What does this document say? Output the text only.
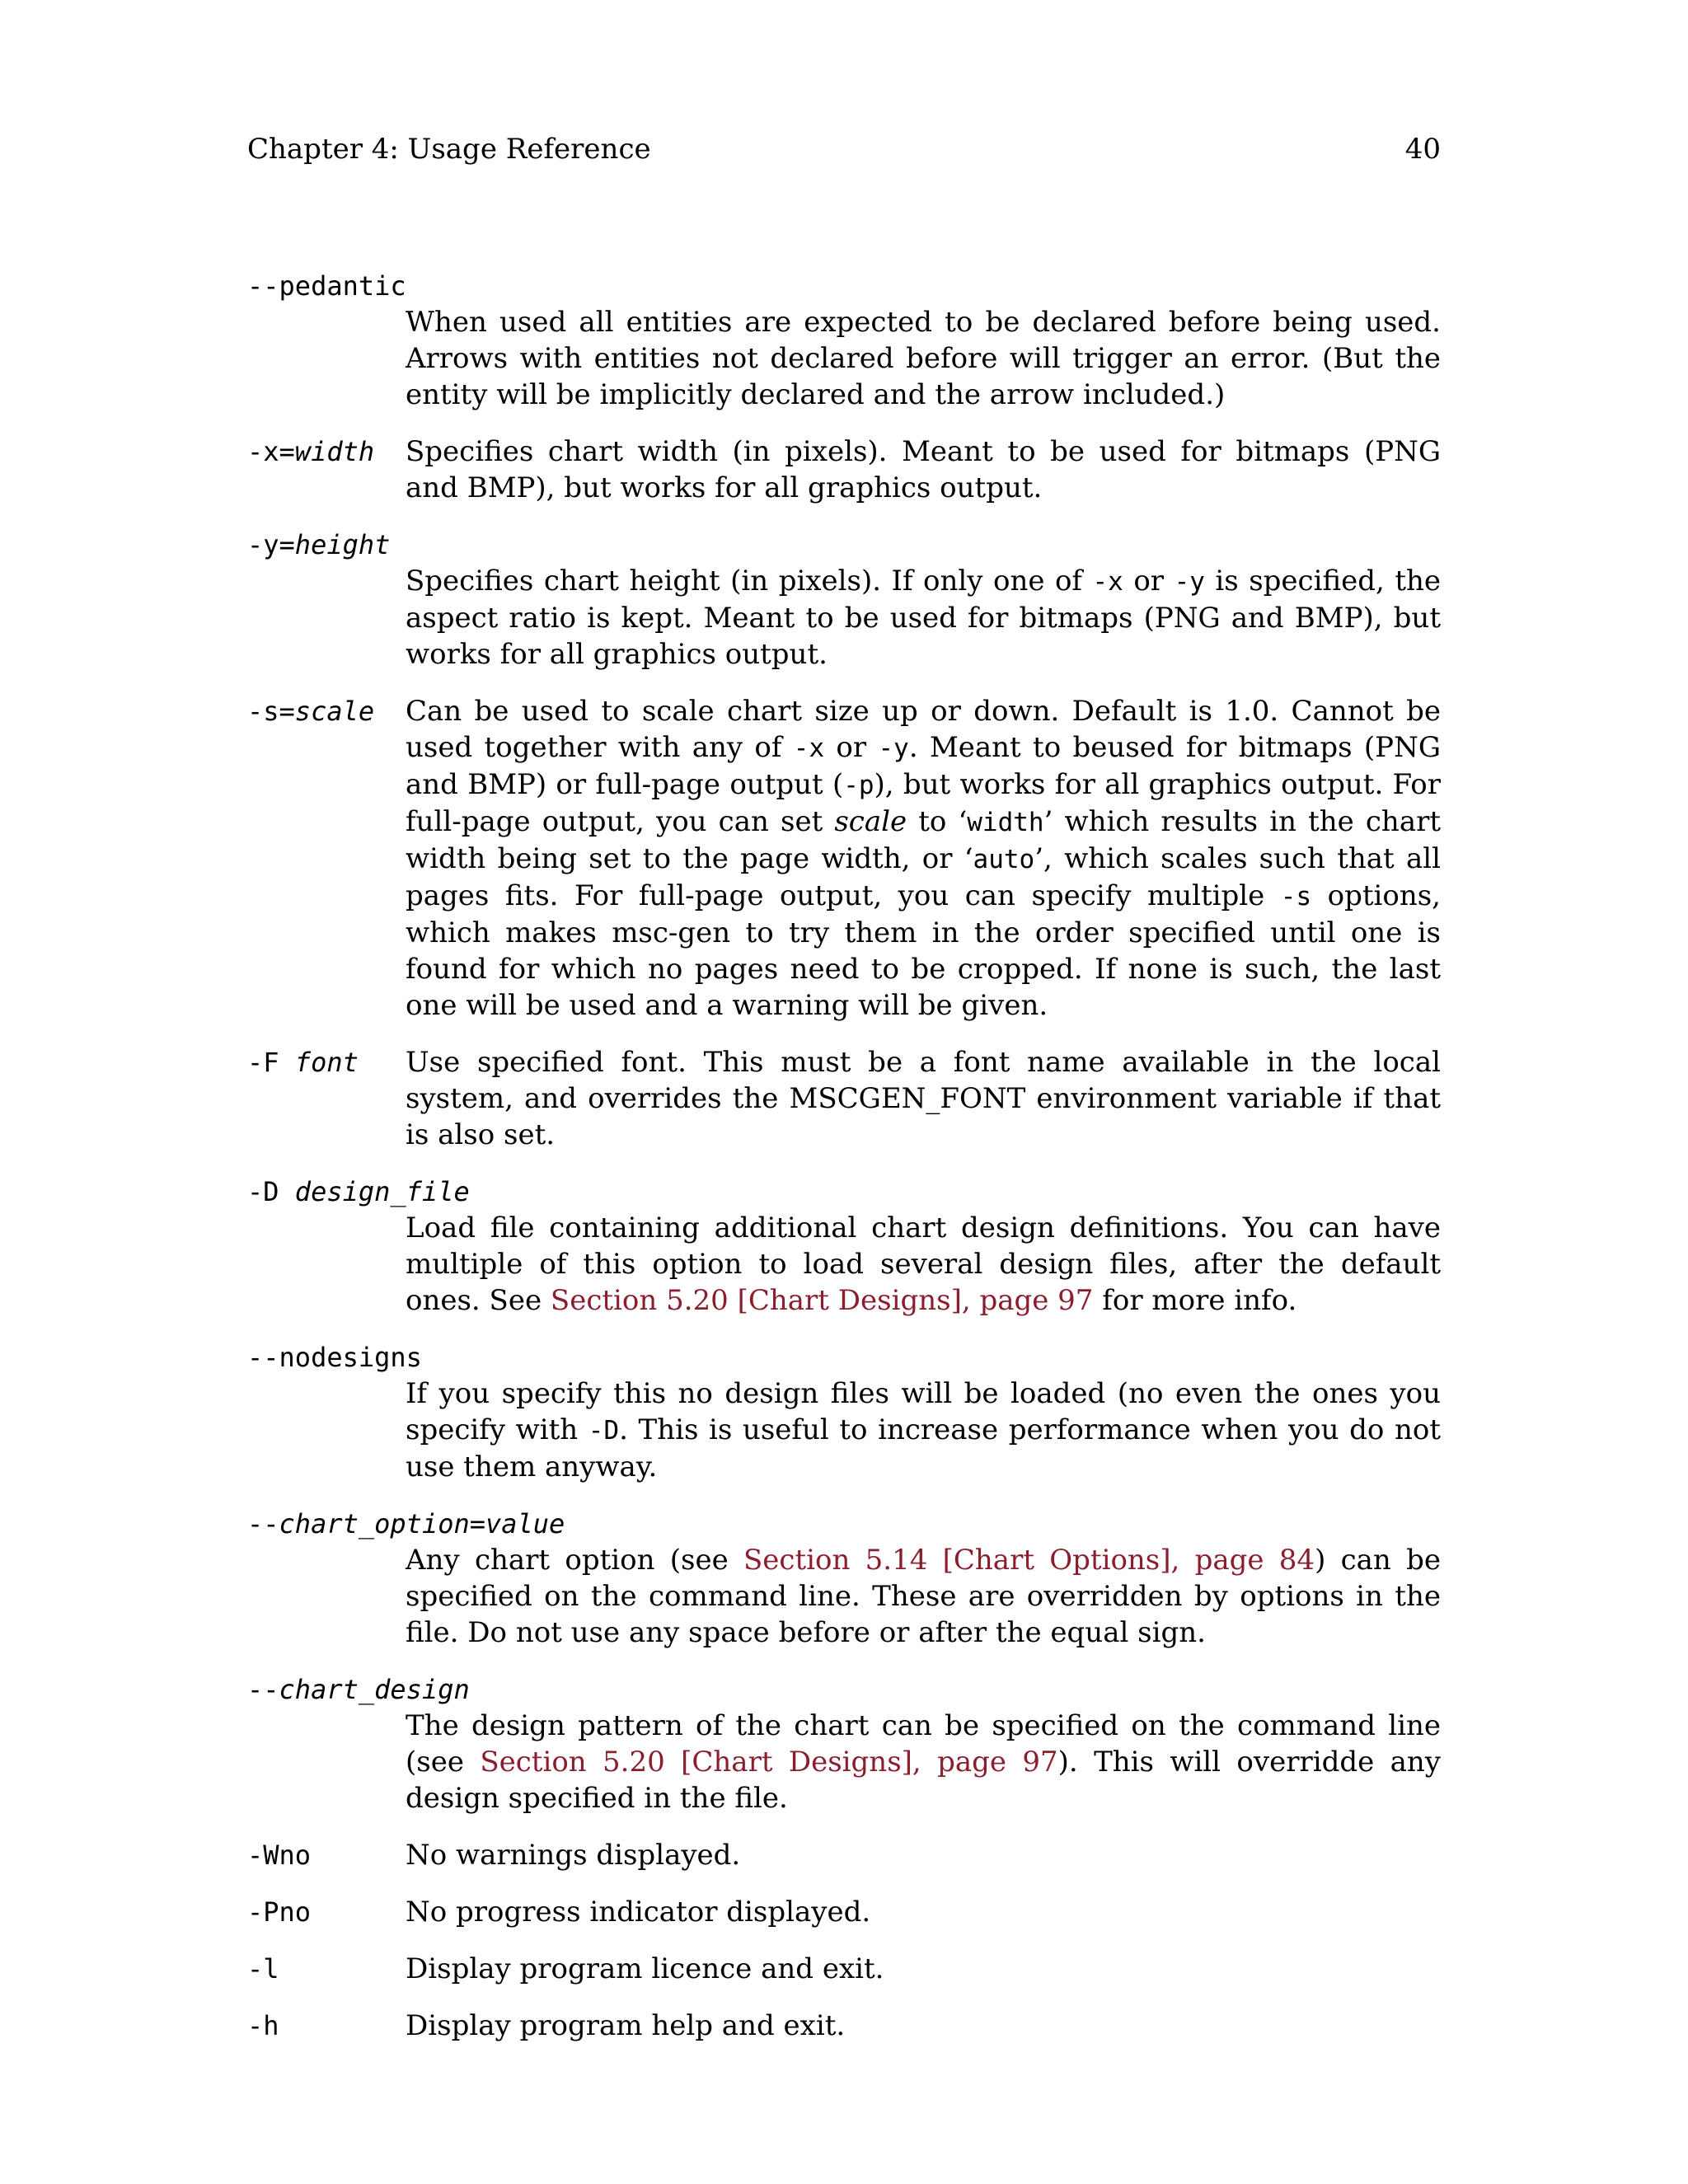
Chapter 4: Usage Reference	40
--pedantic
When used all entities are expected to be declared before being used. Arrows with entities not declared before will trigger an error. (But the entity will be implicitly declared and the arrow included.)
-x=width	Specifies chart width (in pixels). Meant to be used for bitmaps (PNG and BMP), but works for all graphics output.
-y=height
Specifies chart height (in pixels). If only one of -x or -y is specified, the aspect ratio is kept. Meant to be used for bitmaps (PNG and BMP), but works for all graphics output.
-s=scale	Can be used to scale chart size up or down. Default is 1.0. Cannot be used together with any of -x or -y. Meant to beused for bitmaps (PNG and BMP) or full-page output (-p), but works for all graphics output. For full-page output, you can set scale to ‘width’ which results in the chart width being set to the page width, or ‘auto’, which scales such that all pages fits. For full-page output, you can specify multiple -s options, which makes msc-gen to try them in the order specified until one is found for which no pages need to be cropped. If none is such, the last one will be used and a warning will be given.
-F font	Use specified font. This must be a font name available in the local system, and overrides the MSCGEN_FONT environment variable if that is also set.
-D design_file
Load file containing additional chart design definitions. You can have multiple of this option to load several design files, after the default ones. See Section 5.20 [Chart Designs], page 97 for more info.
--nodesigns
If you specify this no design files will be loaded (no even the ones you specify with -D. This is useful to increase performance when you do not use them anyway.
--chart_option=value
Any chart option (see Section 5.14 [Chart Options], page 84) can be specified on the command line. These are overridden by options in the file. Do not use any space before or after the equal sign.
--chart_design
The design pattern of the chart can be specified on the command line (see Section 5.20 [Chart Designs], page 97). This will overridde any design specified in the file.
-Wno	No warnings displayed.
-Pno	No progress indicator displayed.
-l	Display program licence and exit.
-h	Display program help and exit.
